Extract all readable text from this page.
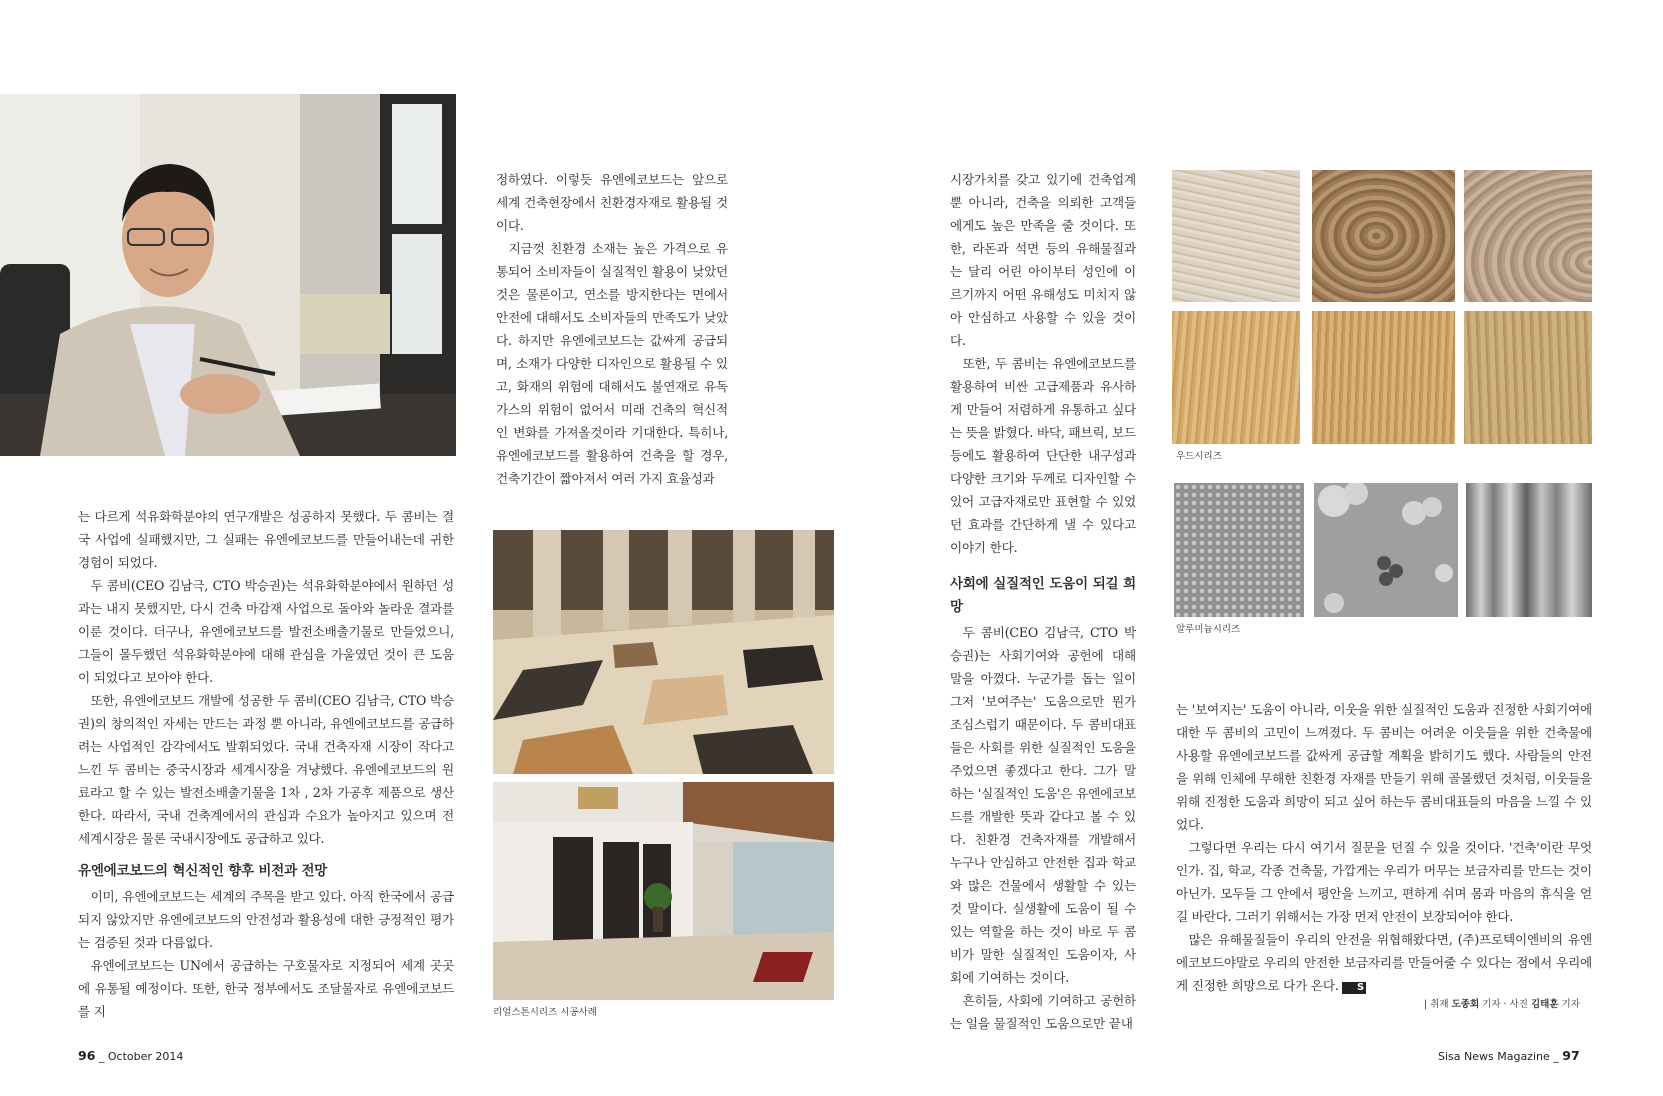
는 다르게 석유화학분야의 연구개발은 성공하지 못했다. 두 콤비는 결국 사업에 실패했지만, 그 실패는 유엔에코보드를 만들어내는데 귀한 경험이 되었다.

두 콤비(CEO 김남극, CTO 박승권)는 석유화학분야에서 원하던 성과는 내지 못했지만, 다시 건축 마감재 사업으로 돌아와 놀라운 결과를 이룬 것이다. 더구나, 유엔에코보드를 발전소배출기물로 만들었으니, 그들이 몰두했던 석유화학분야에 대해 관심을 가울였던 것이 큰 도움이 되었다고 보아야 한다.

또한, 유엔에코보드 개발에 성공한 두 콤비(CEO 김남극, CTO 박승권)의 창의적인 자세는 만드는 과정 뿐 아니라, 유엔에코보드를 공급하려는 사업적인 감각에서도 발휘되었다. 국내 건축자재 시장이 작다고 느낀 두 콤비는 중국시장과 세계시장을 겨냥했다. 유엔에코보드의 원료라고 할 수 있는 발전소배출기물을 1차 , 2차 가공후 제품으로 생산한다. 따라서, 국내 건축계에서의 관심과 수요가 높아지고 있으며 전 세계시장은 물론 국내시장에도 공급하고 있다.

유엔에코보드의 혁신적인 향후 비전과 전망

이미, 유엔에코보드는 세계의 주목을 받고 있다. 아직 한국에서 공급되지 않았지만 유엔에코보드의 안전성과 활용성에 대한 긍정적인 평가는 검증된 것과 다름없다.

유엔에코보드는 UN에서 공급하는 구호물자로 지정되어 세계 곳곳에 유통될 예정이다. 또한, 한국 정부에서도 조달물자로 유엔에코보드를 지

정하였다. 이렇듯 유엔에코보드는 앞으로 세계 건축현장에서 친환경자재로 활용될 것이다.

지금껏 친환경 소재는 높은 가격으로 유통되어 소비자들이 실질적인 활용이 낮았던 것은 물론이고, 연소를 방지한다는 면에서 안전에 대해서도 소비자들의 만족도가 낮았다. 하지만 유엔에코보드는 값싸게 공급되며, 소재가 다양한 디자인으로 활용될 수 있고, 화재의 위험에 대해서도 불연재로 유독가스의 위험이 없어서 미래 건축의 혁신적인 변화를 가져올것이라 기대한다. 특히나, 유엔에코보드를 활용하여 건축을 할 경우, 건축기간이 짧아져서 여러 가지 효율성과

리얼스톤시리즈 시공사례
96 _ October 2014

시장가치를 갖고 있기에 건축업계뿐 아니라, 건축을 의뢰한 고객들에게도 높은 만족을 줄 것이다. 또한, 라돈과 석면 등의 유해물질과는 달리 어린 아이부터 성인에 이르기까지 어떤 유해성도 미치지 않아 안심하고 사용할 수 있을 것이다.

또한, 두 콤비는 유엔에코보드를 활용하여 비싼 고급제품과 유사하게 만들어 저렴하게 유통하고 싶다는 뜻을 밝혔다. 바닥, 패브릭, 보드 등에도 활용하여 단단한 내구성과 다양한 크기와 두께로 디자인할 수 있어 고급자재로만 표현할 수 있었던 효과를 간단하게 낼 수 있다고 이야기 한다.

사회에 실질적인 도움이 되길 희망

두 콤비(CEO 김남극, CTO 박승권)는 사회기여와 공헌에 대해 말을 아꼈다. 누군가를 돕는 일이 그저 '보여주는' 도움으로만 뭔가 조심스럽기 때문이다. 두 콤비대표들은 사회를 위한 실질적인 도움을 주었으면 좋겠다고 한다. 그가 말하는 '실질적인 도움'은 유엔에코보드를 개발한 뜻과 같다고 볼 수 있다. 친환경 건축자재를 개발해서 누구나 안심하고 안전한 집과 학교와 많은 건물에서 생활할 수 있는 것 말이다. 실생활에 도움이 될 수 있는 역할을 하는 것이 바로 두 콤비가 말한 실질적인 도움이자, 사회에 기여하는 것이다.

흔히들, 사회에 기여하고 공헌하는 일을 물질적인 도움으로만 끝내

우드시리즈
알루미늄시리즈

는 '보여지는' 도움이 아니라, 이웃을 위한 실질적인 도움과 진정한 사회기여에 대한 두 콤비의 고민이 느껴졌다. 두 콤비는 어려운 이웃들을 위한 건축물에 사용할 유엔에코보드를 값싸게 공급할 계획을 밝히기도 했다. 사람들의 안전을 위해 인체에 무해한 친환경 자재를 만들기 위해 골몰했던 것처럼, 이웃들을 위해 진정한 도움과 희망이 되고 싶어 하는두 콤비대표들의 마음을 느낄 수 있었다.

그렇다면 우리는 다시 여기서 질문을 던질 수 있을 것이다. '건축'이란 무엇인가. 집, 학교, 각종 건축물, 가깝게는 우리가 머무는 보금자리를 만드는 것이 아닌가. 모두들 그 안에서 평안을 느끼고, 편하게 쉬며 몸과 마음의 휴식을 얻길 바란다. 그러기 위해서는 가장 먼저 안전이 보장되어야 한다.

많은 유해물질들이 우리의 안전을 위협해왔다면, (주)프로텍이엔비의 유엔에코보드야말로 우리의 안전한 보금자리를 만들어줄 수 있다는 점에서 우리에게 진정한 희망으로 다가 온다. S

| 취재 도종회 기자 · 사진 김태훈 기자
Sisa News Magazine _ 97
